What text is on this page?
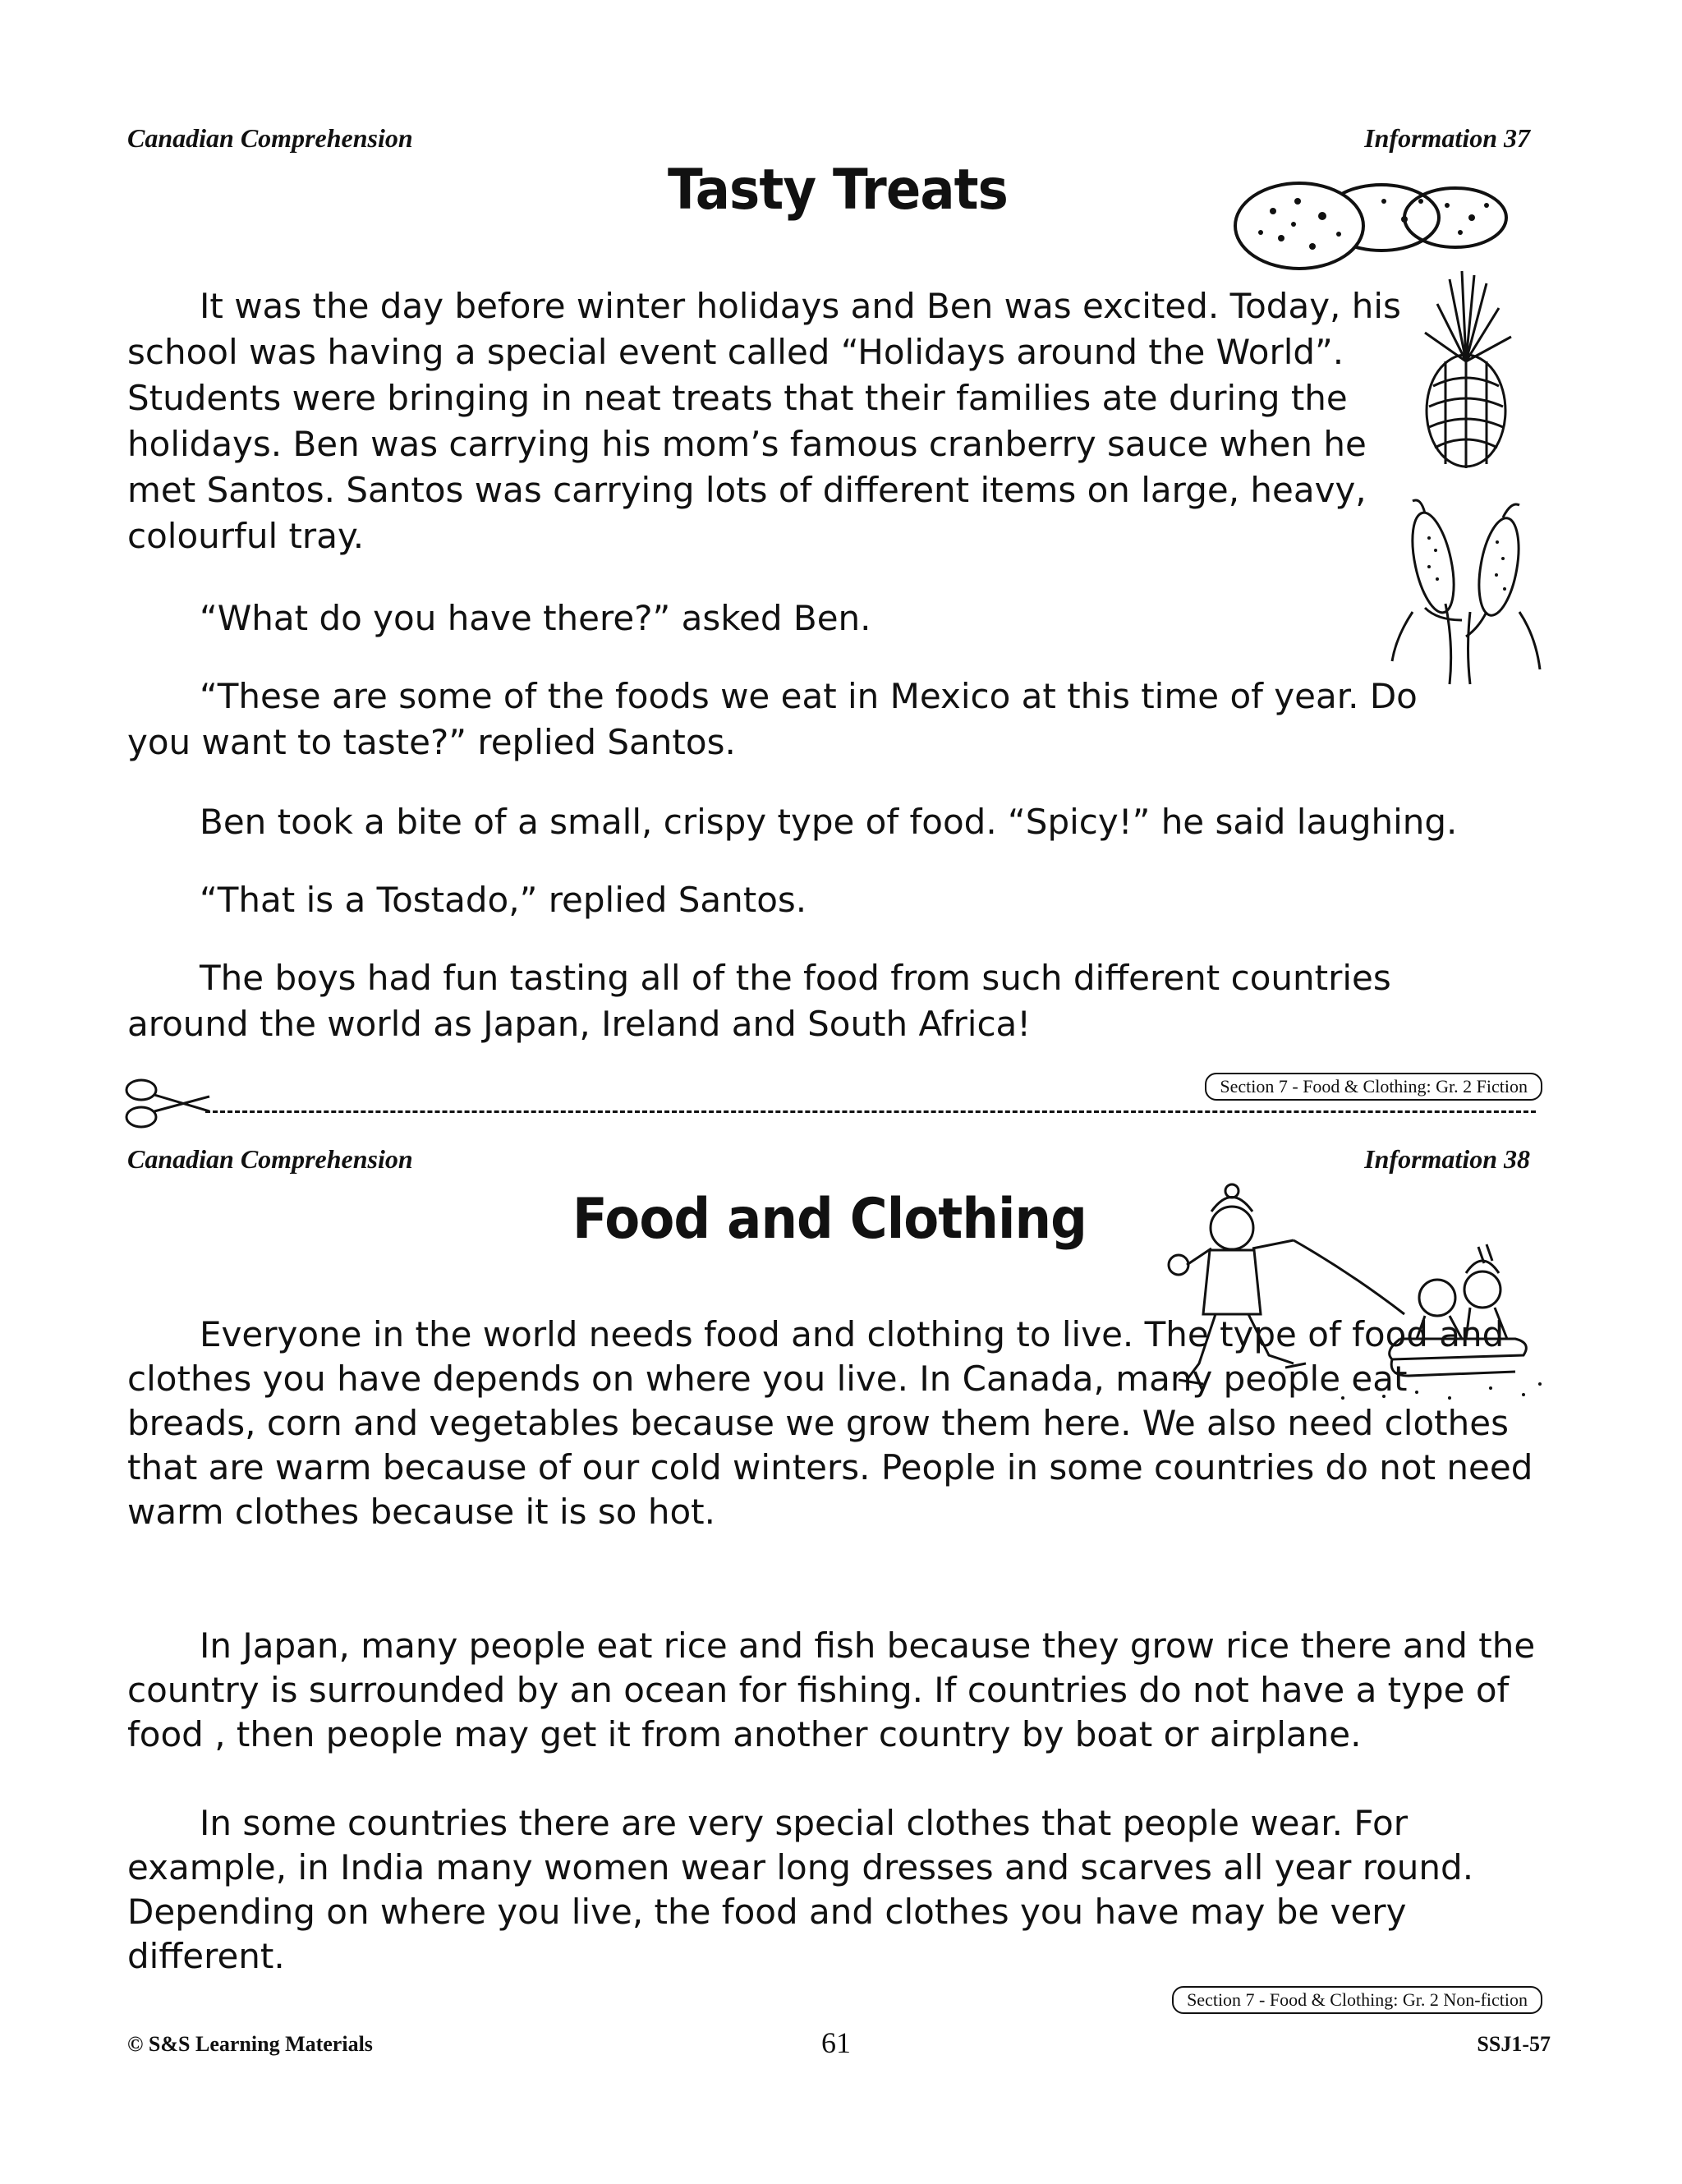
Canadian Comprehension	Information 37
Tasty Treats

It was the day before winter holidays and Ben was excited. Today, his school was having a special event called “Holidays around the World”. Students were bringing in neat treats that their families ate during the holidays. Ben was carrying his mom’s famous cranberry sauce when he met Santos. Santos was carrying lots of different items on large, heavy, colourful tray.

“What do you have there?” asked Ben.

“These are some of the foods we eat in Mexico at this time of year. Do you want to taste?” replied Santos.

Ben took a bite of a small, crispy type of food. “Spicy!” he said laughing.

“That is a Tostado,” replied Santos.

The boys had fun tasting all of the food from such different countries around the world as Japan, Ireland and South Africa!

Section 7 - Food & Clothing: Gr. 2 Fiction
Canadian Comprehension	Information 38
Food and Clothing

Everyone in the world needs food and clothing to live. The type of food and clothes you have depends on where you live. In Canada, many people eat breads, corn and vegetables because we grow them here. We also need clothes that are warm because of our cold winters. People in some countries do not need warm clothes because it is so hot.

In Japan, many people eat rice and fish because they grow rice there and the country is surrounded by an ocean for fishing. If countries do not have a type of food , then people may get it from another country by boat or airplane.

In some countries there are very special clothes that people wear. For example, in India many women wear long dresses and scarves all year round. Depending on where you live, the food and clothes you have may be very different.

Section 7 - Food & Clothing: Gr. 2 Non-fiction
© S&S Learning Materials	61	SSJ1-57
